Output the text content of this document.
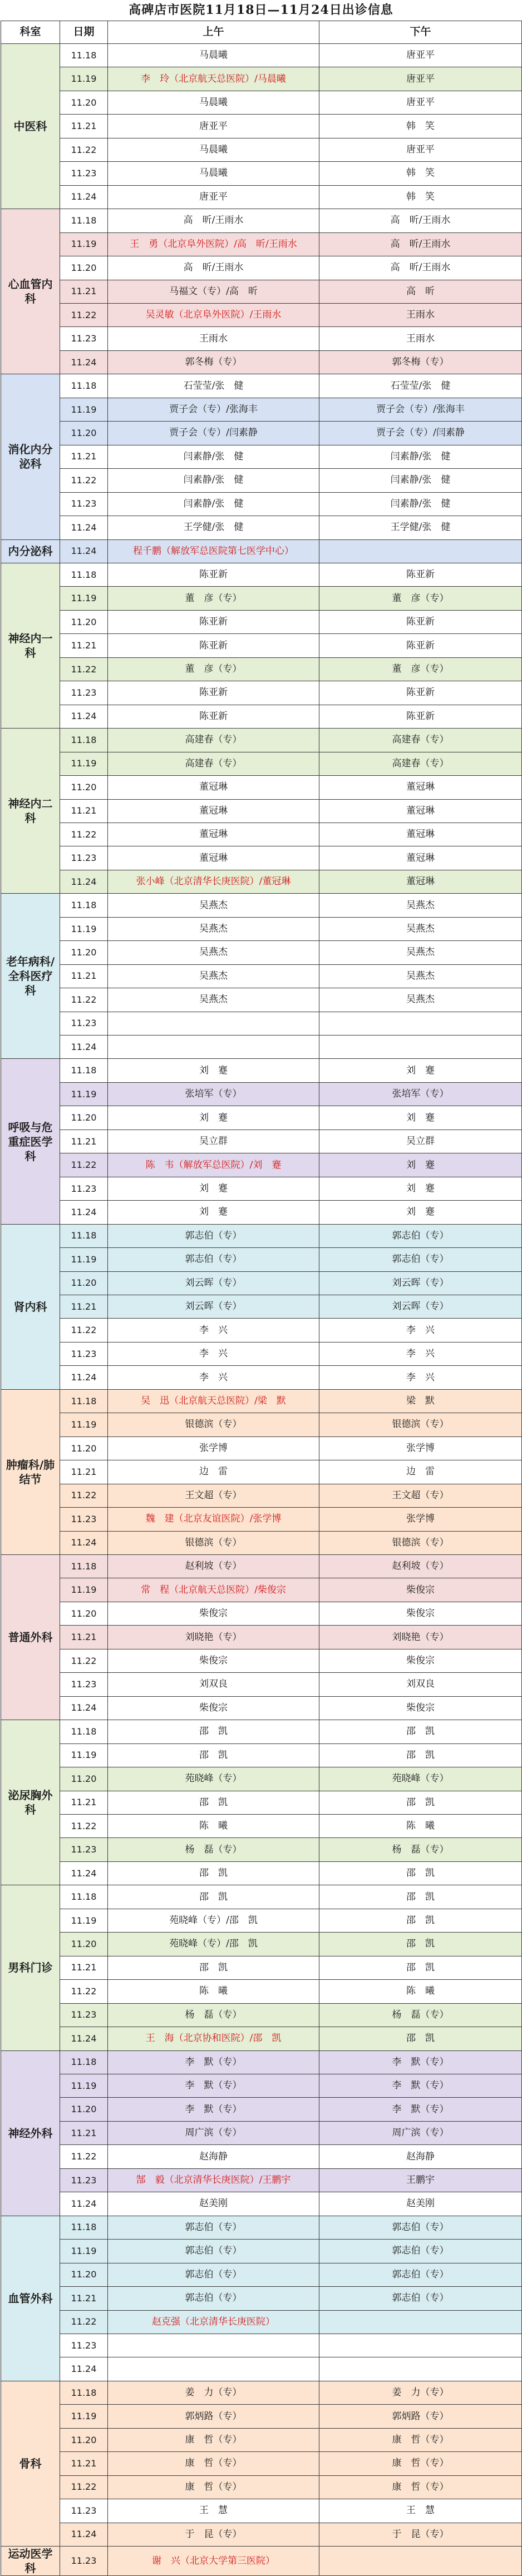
高碑店市医院11月18日—11月24日出诊信息
科室	日期	上午	下午
中医科	11.18	马晨曦	唐亚平
	11.19	李　玲（北京航天总医院）/马晨曦	唐亚平
	11.20	马晨曦	唐亚平
	11.21	唐亚平	韩　笑
	11.22	马晨曦	唐亚平
	11.23	马晨曦	韩　笑
	11.24	唐亚平	韩　笑
心血管内科	11.18	高　昕/王雨水	高　昕/王雨水
	11.19	王　勇（北京阜外医院）/高　昕/王雨水	高　昕/王雨水
	11.20	高　昕/王雨水	高　昕/王雨水
	11.21	马福文（专）/高　昕	高　昕
	11.22	吴灵敏（北京阜外医院）/王雨水	王雨水
	11.23	王雨水	王雨水
	11.24	郭冬梅（专）	郭冬梅（专）
消化内分泌科	11.18	石莹莹/张　健	石莹莹/张　健
	11.19	贾子会（专）/张海丰	贾子会（专）/张海丰
	11.20	贾子会（专）/闫素静	贾子会（专）/闫素静
	11.21	闫素静/张　健	闫素静/张　健
	11.22	闫素静/张　健	闫素静/张　健
	11.23	闫素静/张　健	闫素静/张　健
	11.24	王学健/张　健	王学健/张　健
内分泌科	11.24	程千鹏（解放军总医院第七医学中心）	
神经内一科	11.18	陈亚新	陈亚新
	11.19	董　彦（专）	董　彦（专）
	11.20	陈亚新	陈亚新
	11.21	陈亚新	陈亚新
	11.22	董　彦（专）	董　彦（专）
	11.23	陈亚新	陈亚新
	11.24	陈亚新	陈亚新
神经内二科	11.18	高建春（专）	高建春（专）
	11.19	高建春（专）	高建春（专）
	11.20	董冠琳	董冠琳
	11.21	董冠琳	董冠琳
	11.22	董冠琳	董冠琳
	11.23	董冠琳	董冠琳
	11.24	张小峰（北京清华长庚医院）/董冠琳	董冠琳
老年病科/全科医疗科	11.18	吴燕杰	吴燕杰
	11.19	吴燕杰	吴燕杰
	11.20	吴燕杰	吴燕杰
	11.21	吴燕杰	吴燕杰
	11.22	吴燕杰	吴燕杰
	11.23		
	11.24		
呼吸与危重症医学科	11.18	刘　蹇	刘　蹇
	11.19	张培军（专）	张培军（专）
	11.20	刘　蹇	刘　蹇
	11.21	吴立群	吴立群
	11.22	陈　韦（解放军总医院）/刘　蹇	刘　蹇
	11.23	刘　蹇	刘　蹇
	11.24	刘　蹇	刘　蹇
肾内科	11.18	郭志伯（专）	郭志伯（专）
	11.19	郭志伯（专）	郭志伯（专）
	11.20	刘云晖（专）	刘云晖（专）
	11.21	刘云晖（专）	刘云晖（专）
	11.22	李　兴	李　兴
	11.23	李　兴	李　兴
	11.24	李　兴	李　兴
肿瘤科/肺结节	11.18	吴　迅（北京航天总医院）/梁　默	梁　默
	11.19	银德滨（专）	银德滨（专）
	11.20	张学博	张学博
	11.21	边　雷	边　雷
	11.22	王文超（专）	王文超（专）
	11.23	魏　建（北京友谊医院）/张学博	张学博
	11.24	银德滨（专）	银德滨（专）
普通外科	11.18	赵利坡（专）	赵利坡（专）
	11.19	常　程（北京航天总医院）/柴俊宗	柴俊宗
	11.20	柴俊宗	柴俊宗
	11.21	刘晓艳（专）	刘晓艳（专）
	11.22	柴俊宗	柴俊宗
	11.23	刘双良	刘双良
	11.24	柴俊宗	柴俊宗
泌尿胸外科	11.18	邵　凯	邵　凯
	11.19	邵　凯	邵　凯
	11.20	苑晓峰（专）	苑晓峰（专）
	11.21	邵　凯	邵　凯
	11.22	陈　曦	陈　曦
	11.23	杨　磊（专）	杨　磊（专）
	11.24	邵　凯	邵　凯
男科门诊	11.18	邵　凯	邵　凯
	11.19	苑晓峰（专）/邵　凯	邵　凯
	11.20	苑晓峰（专）/邵　凯	邵　凯
	11.21	邵　凯	邵　凯
	11.22	陈　曦	陈　曦
	11.23	杨　磊（专）	杨　磊（专）
	11.24	王　海（北京协和医院）/邵　凯	邵　凯
神经外科	11.18	李　默（专）	李　默（专）
	11.19	李　默（专）	李　默（专）
	11.20	李　默（专）	李　默（专）
	11.21	周广滨（专）	周广滨（专）
	11.22	赵海静	赵海静
	11.23	郜　毅（北京清华长庚医院）/王鹏宇	王鹏宇
	11.24	赵美刚	赵美刚
血管外科	11.18	郭志伯（专）	郭志伯（专）
	11.19	郭志伯（专）	郭志伯（专）
	11.20	郭志伯（专）	郭志伯（专）
	11.21	郭志伯（专）	郭志伯（专）
	11.22	赵克强（北京清华长庚医院）	
	11.23		
	11.24		
骨科	11.18	姜　力（专）	姜　力（专）
	11.19	郭炳路（专）	郭炳路（专）
	11.20	康　哲（专）	康　哲（专）
	11.21	康　哲（专）	康　哲（专）
	11.22	康　哲（专）	康　哲（专）
	11.23	王　慧	王　慧
	11.24	于　昆（专）	于　昆（专）
运动医学科	11.23	谢　兴（北京大学第三医院）	
